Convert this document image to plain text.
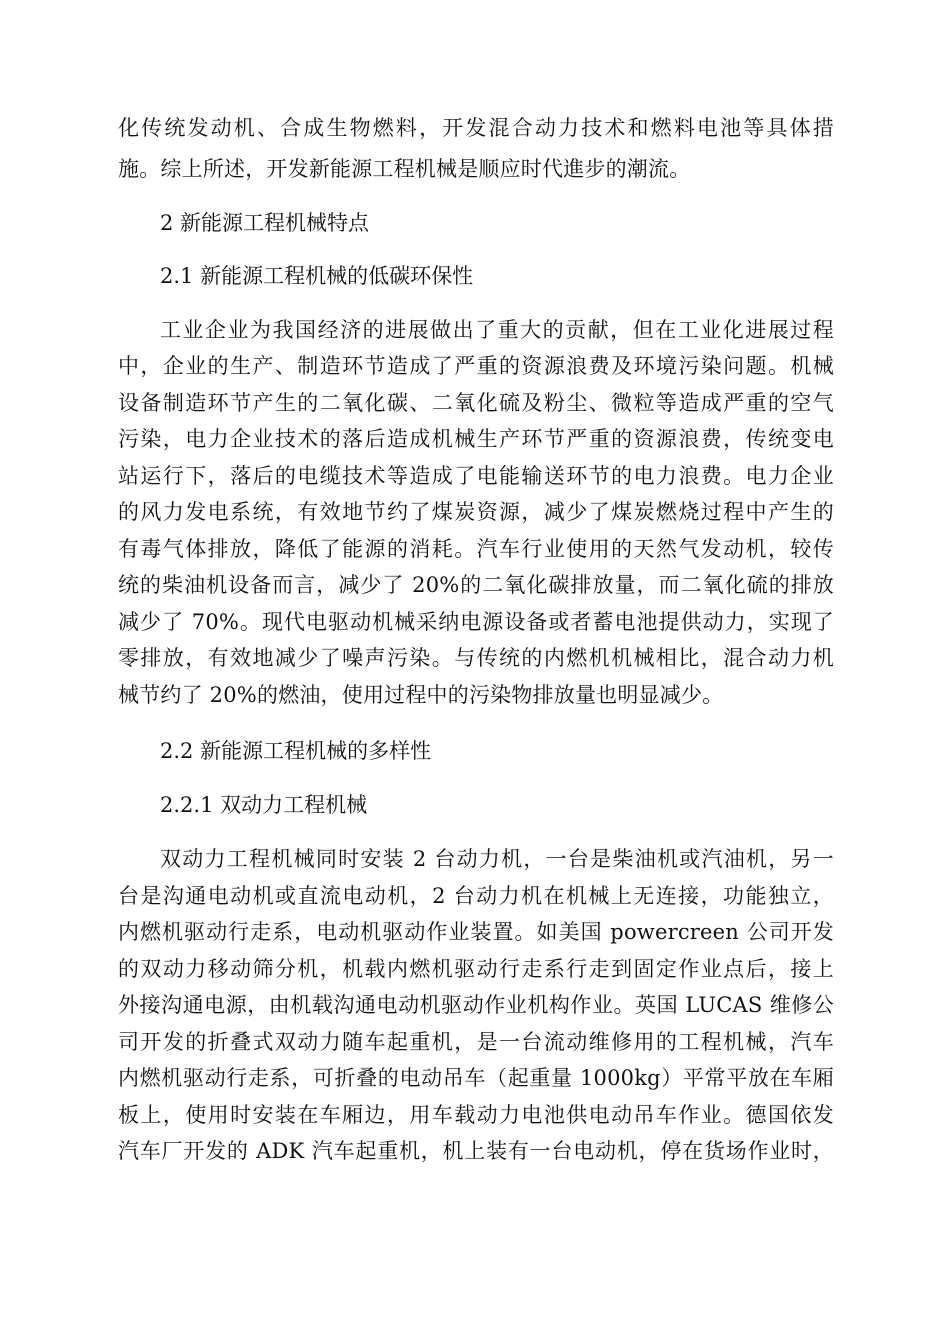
化传统发动机、合成生物燃料，开发混合动力技术和燃料电池等具体措
施。综上所述，开发新能源工程机械是顺应时代進步的潮流。
2 新能源工程机械特点
2.1 新能源工程机械的低碳环保性
工业企业为我国经济的进展做出了重大的贡献，但在工业化进展过程
中，企业的生产、制造环节造成了严重的资源浪费及环境污染问题。机械
设备制造环节产生的二氧化碳、二氧化硫及粉尘、微粒等造成严重的空气
污染，电力企业技术的落后造成机械生产环节严重的资源浪费，传统变电
站运行下，落后的电缆技术等造成了电能输送环节的电力浪费。电力企业
的风力发电系统，有效地节约了煤炭资源，减少了煤炭燃烧过程中产生的
有毒气体排放，降低了能源的消耗。汽车行业使用的天然气发动机，较传
统的柴油机设备而言，减少了 20%的二氧化碳排放量，而二氧化硫的排放
减少了 70%。现代电驱动机械采纳电源设备或者蓄电池提供动力，实现了
零排放，有效地减少了噪声污染。与传统的内燃机机械相比，混合动力机
械节约了 20%的燃油，使用过程中的污染物排放量也明显减少。
2.2 新能源工程机械的多样性
2.2.1 双动力工程机械
双动力工程机械同时安装 2 台动力机，一台是柴油机或汽油机，另一
台是沟通电动机或直流电动机，2 台动力机在机械上无连接，功能独立，
内燃机驱动行走系，电动机驱动作业装置。如美国 powercreen 公司开发
的双动力移动筛分机，机载内燃机驱动行走系行走到固定作业点后，接上
外接沟通电源，由机载沟通电动机驱动作业机构作业。英国 LUCAS 维修公
司开发的折叠式双动力随车起重机，是一台流动维修用的工程机械，汽车
内燃机驱动行走系，可折叠的电动吊车（起重量 1000kg）平常平放在车厢
板上，使用时安装在车厢边，用车载动力电池供电动吊车作业。德国依发
汽车厂开发的 ADK 汽车起重机，机上装有一台电动机，停在货场作业时，
